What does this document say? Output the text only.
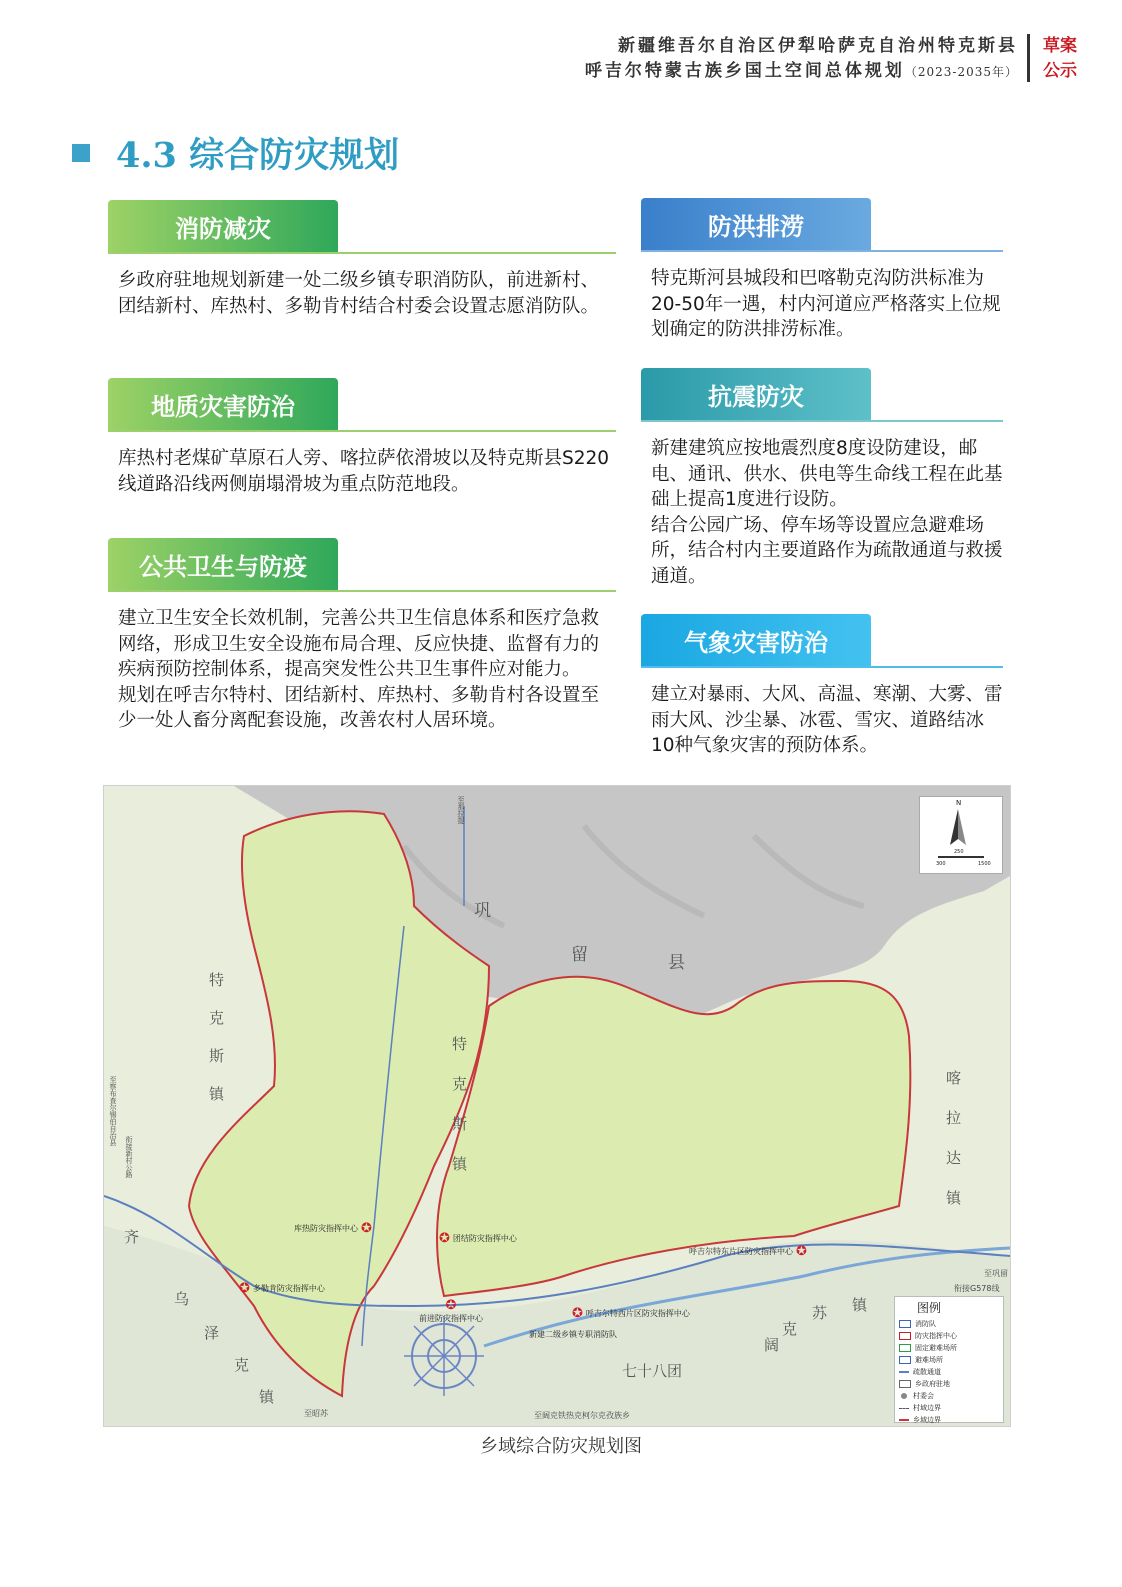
新疆维吾尔自治区伊犁哈萨克自治州特克斯县
呼吉尔特蒙古族乡国土空间总体规划（2023-2035年）
草案
公示
4.3 综合防灾规划
消防减灾

乡政府驻地规划新建一处二级乡镇专职消防队，前进新村、团结新村、库热村、多勒肯村结合村委会设置志愿消防队。

地质灾害防治

库热村老煤矿草原石人旁、喀拉萨依滑坡以及特克斯县S220线道路沿线两侧崩塌滑坡为重点防范地段。

公共卫生与防疫

建立卫生安全长效机制，完善公共卫生信息体系和医疗急救网络，形成卫生安全设施布局合理、反应快捷、监督有力的疾病预防控制体系，提高突发性公共卫生事件应对能力。

规划在呼吉尔特村、团结新村、库热村、多勒肯村各设置至少一处人畜分离配套设施，改善农村人居环境。

防洪排涝

特克斯河县城段和巴喀勒克沟防洪标准为20-50年一遇，村内河道应严格落实上位规划确定的防洪排涝标准。

抗震防灾

新建建筑应按地震烈度8度设防建设，邮电、通讯、供水、供电等生命线工程在此基础上提高1度进行设防。

结合公园广场、停车场等设置应急避难场所，结合村内主要道路作为疏散通道与救援通道。

气象灾害防治

建立对暴雨、大风、高温、寒潮、大雾、雷雨大风、沙尘暴、冰雹、雪灾、道路结冰10种气象灾害的预防体系。

巩
留	县
特
克
斯
镇
特
克
斯
镇
喀
拉
达
镇
齐
乌
泽
克
镇
阔
克
苏 镇
七十八团
库热防灾指挥中心 ✪
✪ 团结防灾指挥中心
✪ 多勒肯防灾指挥中心
✪
前进防灾指挥中心
呼吉尔特东片区防灾指挥中心 ✪
✪ 呼吉尔特西片区防灾指挥中心
新建二级乡镇专职消防队
至那拉提
至察布查尔锡伯自治县
衔接新村公路
至巩留
衔接G578线
至昭苏	至阔克铁热克柯尔克孜族乡
N
250
300	1500
图例
消防队
防灾指挥中心
固定避难场所
避难场所
疏散通道
乡政府驻地
村委会
村域边界
乡域边界
乡域综合防灾规划图
